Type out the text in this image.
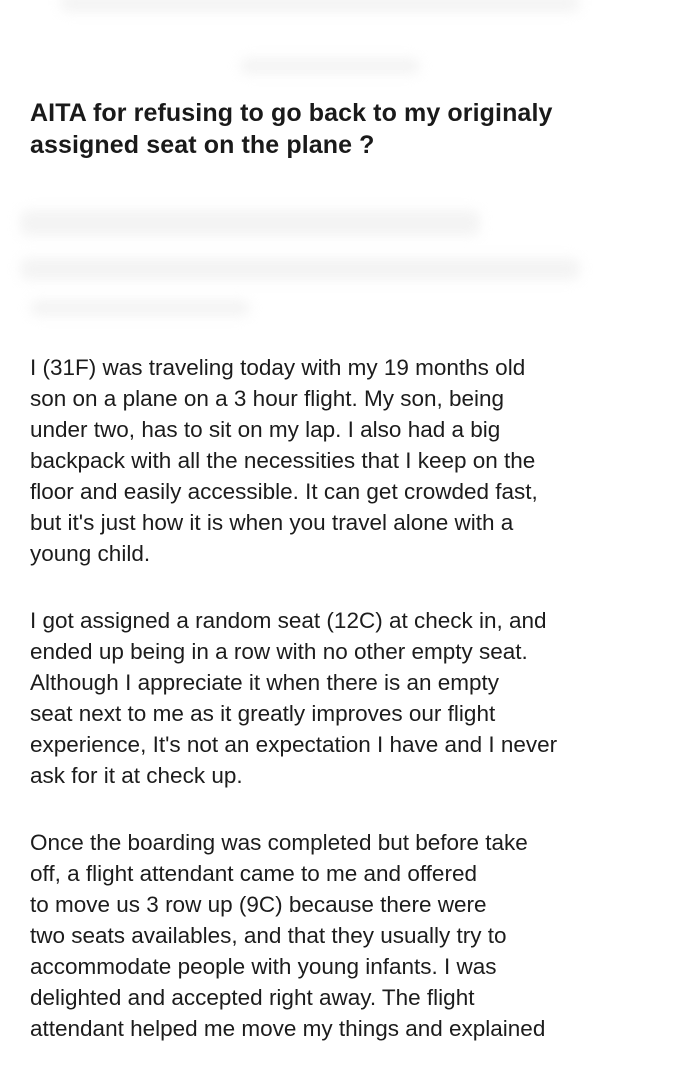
AITA for refusing to go back to my originaly
assigned seat on the plane ?

I (31F) was traveling today with my 19 months old
son on a plane on a 3 hour flight. My son, being
under two, has to sit on my lap. I also had a big
backpack with all the necessities that I keep on the
floor and easily accessible. It can get crowded fast,
but it's just how it is when you travel alone with a
young child.

I got assigned a random seat (12C) at check in, and
ended up being in a row with no other empty seat.
Although I appreciate it when there is an empty
seat next to me as it greatly improves our flight
experience, It's not an expectation I have and I never
ask for it at check up.

Once the boarding was completed but before take
off, a flight attendant came to me and offered
to move us 3 row up (9C) because there were
two seats availables, and that they usually try to
accommodate people with young infants. I was
delighted and accepted right away. The flight
attendant helped me move my things and explained
